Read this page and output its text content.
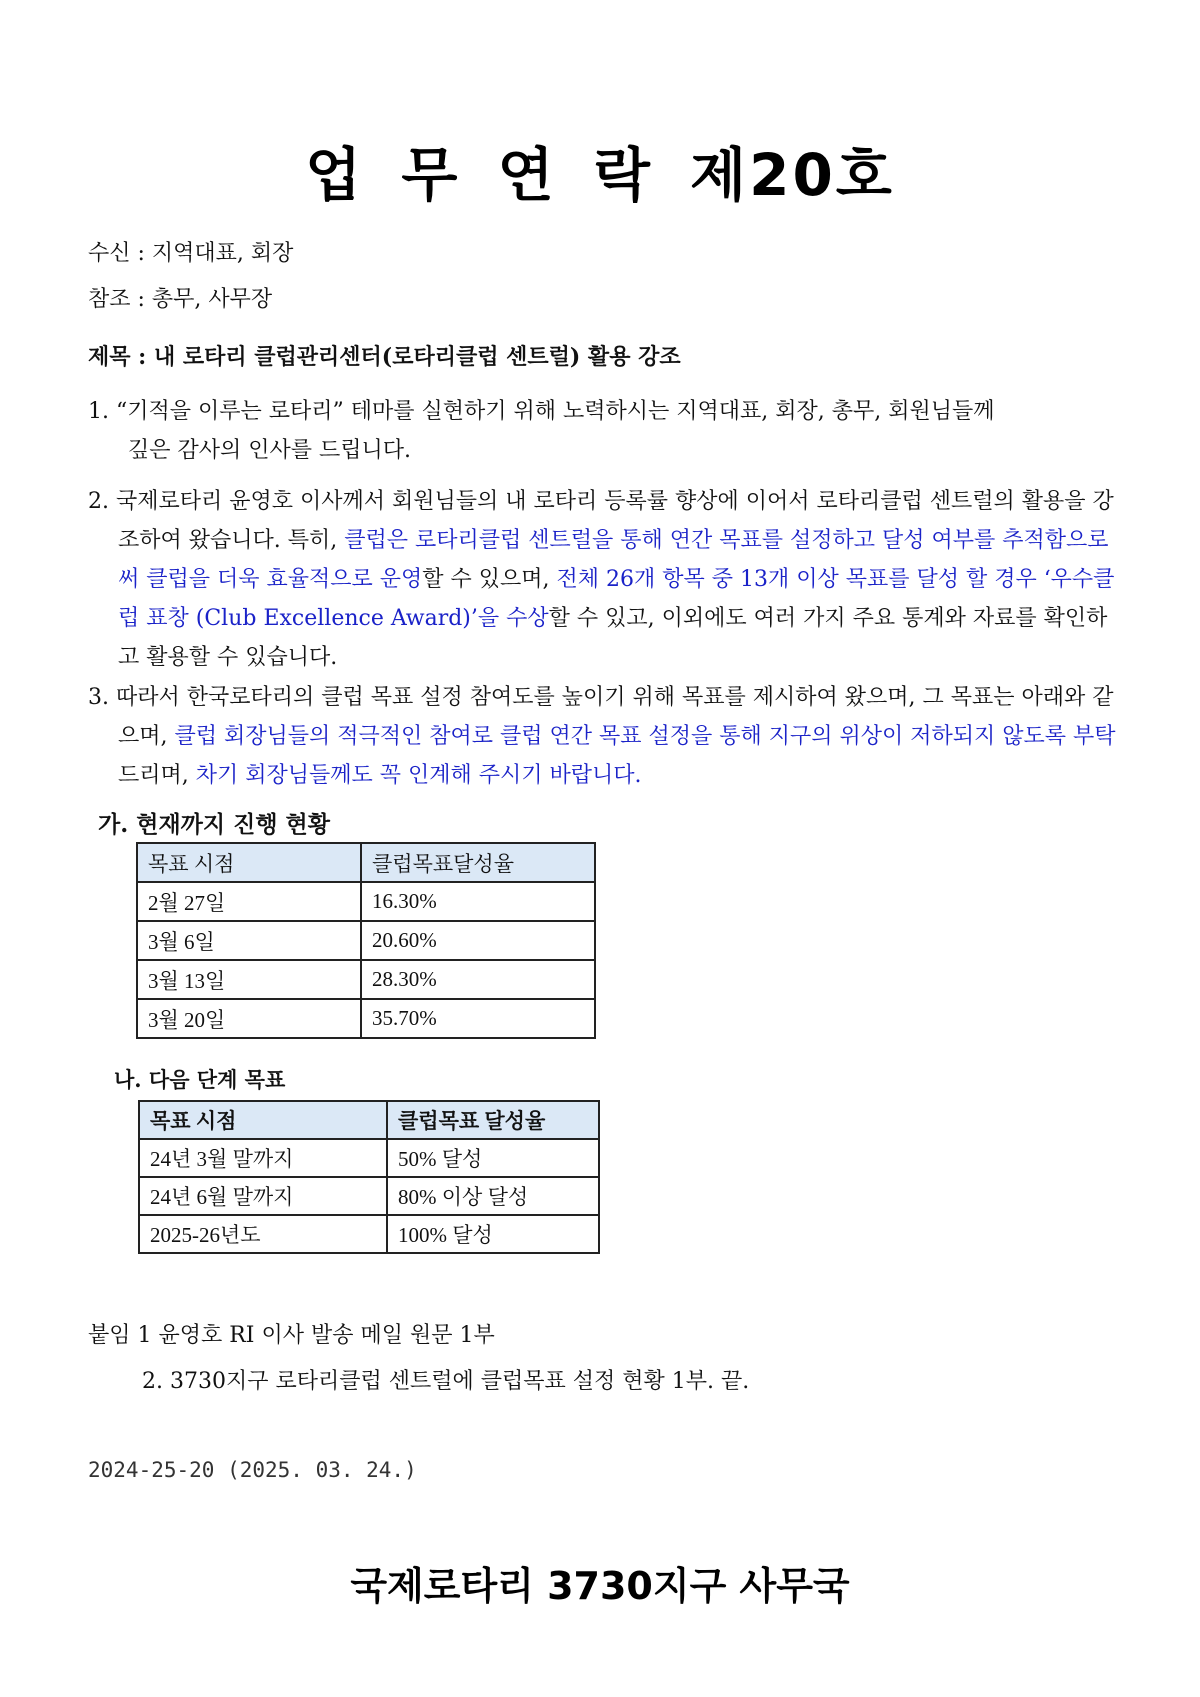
업 무 연 락 제20호
수신 : 지역대표, 회장
참조 : 총무, 사무장
제목 : 내 로타리 클럽관리센터(로타리클럽 센트럴) 활용 강조
1. “기적을 이루는 로타리” 테마를 실현하기 위해 노력하시는 지역대표, 회장, 총무, 회원님들께
깊은 감사의 인사를 드립니다.
2. 국제로타리 윤영호 이사께서 회원님들의 내 로타리 등록률 향상에 이어서 로타리클럽 센트럴의 활용을 강조하여 왔습니다. 특히, 클럽은 로타리클럽 센트럴을 통해 연간 목표를 설정하고 달성 여부를 추적함으로써 클럽을 더욱 효율적으로 운영할 수 있으며, 전체 26개 항목 중 13개 이상 목표를 달성 할 경우 ‘우수클럽 표창 (Club Excellence Award)’을 수상할 수 있고, 이외에도 여러 가지 주요 통계와 자료를 확인하고 활용할 수 있습니다.
3. 따라서 한국로타리의 클럽 목표 설정 참여도를 높이기 위해 목표를 제시하여 왔으며, 그 목표는 아래와 같으며, 클럽 회장님들의 적극적인 참여로 클럽 연간 목표 설정을 통해 지구의 위상이 저하되지 않도록 부탁드리며, 차기 회장님들께도 꼭 인계해 주시기 바랍니다.
가. 현재까지 진행 현황
목표 시점	클럽목표달성율
2월 27일	16.30%
3월 6일	20.60%
3월 13일	28.30%
3월 20일	35.70%
나. 다음 단계 목표
목표 시점	클럽목표 달성율
24년 3월 말까지	50% 달성
24년 6월 말까지	80% 이상 달성
2025-26년도	100% 달성
붙임 1 윤영호 RI 이사 발송 메일 원문 1부
2. 3730지구 로타리클럽 센트럴에 클럽목표 설정 현황 1부. 끝.
2024-25-20 (2025. 03. 24.)
국제로타리 3730지구 사무국
